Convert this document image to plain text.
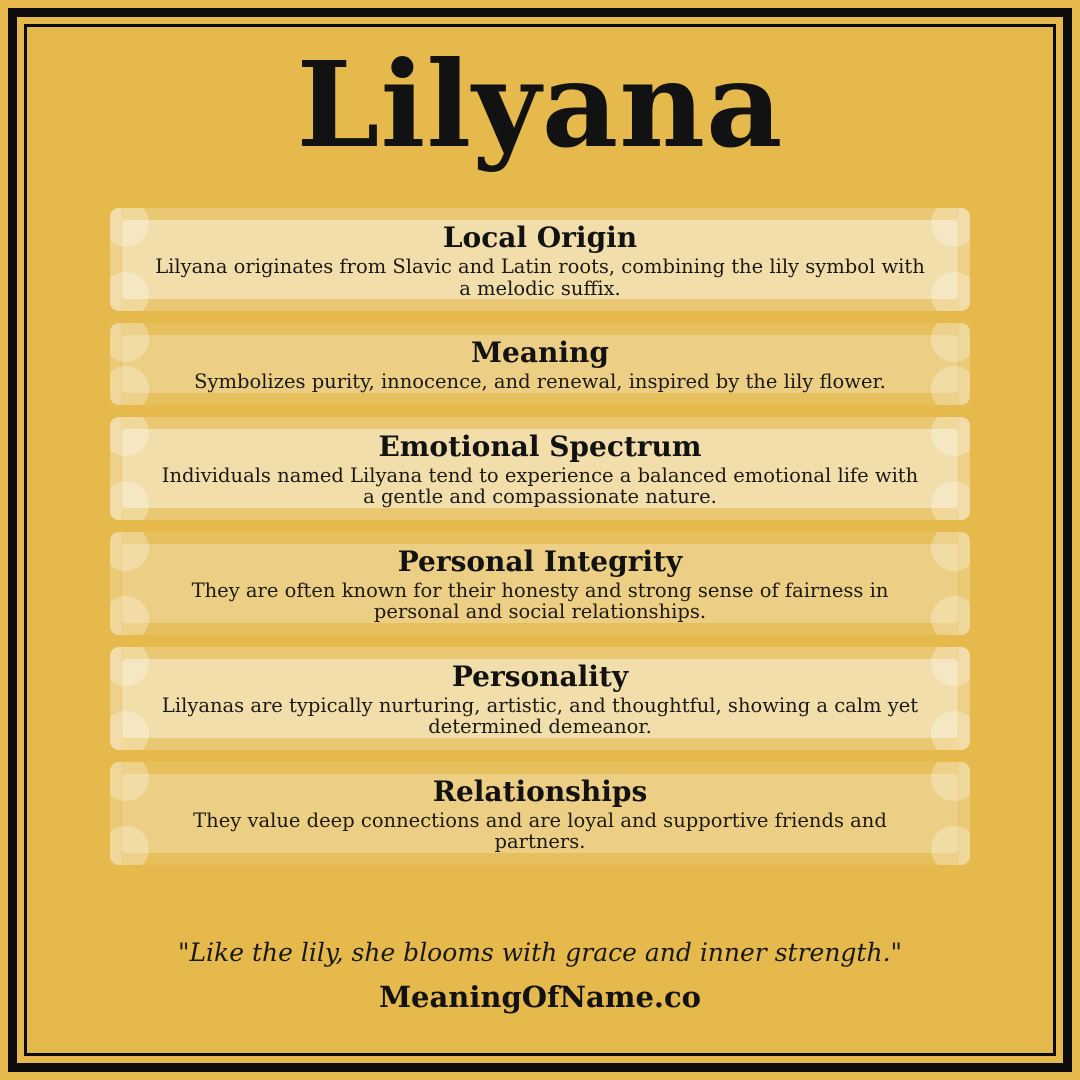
Lilyana
Local Origin

Lilyana originates from Slavic and Latin roots, combining the lily symbol with a melodic suffix.

Meaning

Symbolizes purity, innocence, and renewal, inspired by the lily flower.

Emotional Spectrum

Individuals named Lilyana tend to experience a balanced emotional life with a gentle and compassionate nature.

Personal Integrity

They are often known for their honesty and strong sense of fairness in personal and social relationships.

Personality

Lilyanas are typically nurturing, artistic, and thoughtful, showing a calm yet determined demeanor.

Relationships

They value deep connections and are loyal and supportive friends and partners.

"Like the lily, she blooms with grace and inner strength."

MeaningOfName.co
